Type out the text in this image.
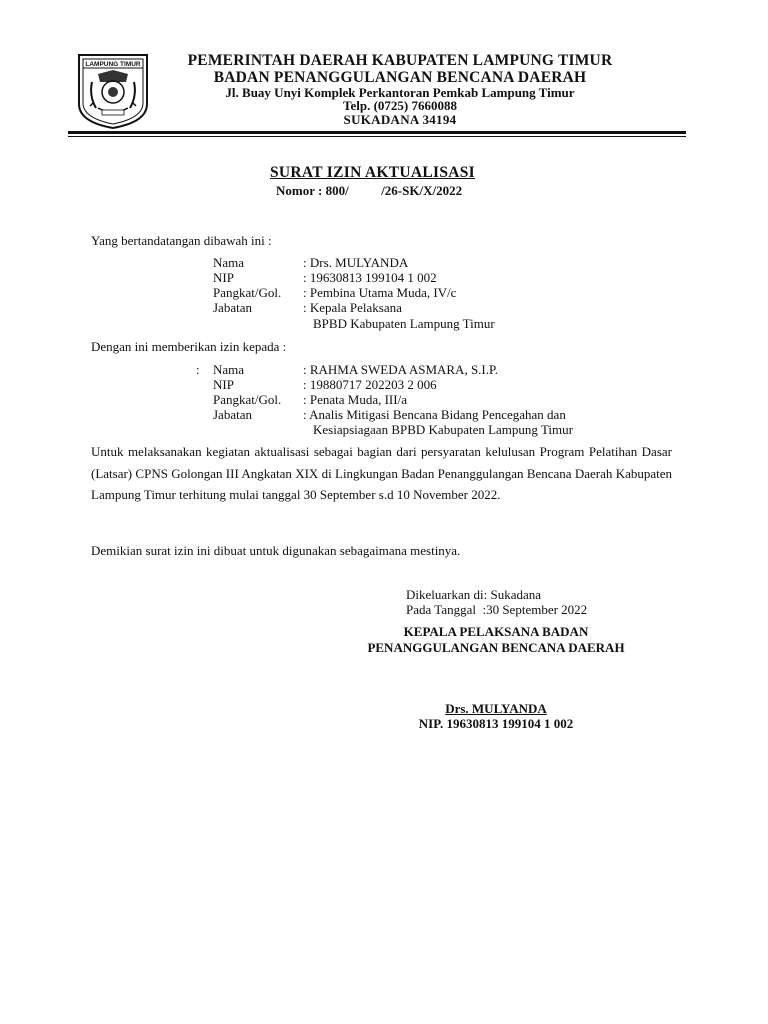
LAMPUNG TIMUR	PEMERINTAH DAERAH KABUPATEN LAMPUNG TIMUR
BADAN PENANGGULANGAN BENCANA DAERAH
Jl. Buay Unyi Komplek Perkantoran Pemkab Lampung Timur
Telp. (0725) 7660088
SUKADANA 34194
SURAT IZIN AKTUALISASI
Nomor : 800/          /26-SK/X/2022
Yang bertandatangan dibawah ini :
Nama	: Drs. MULYANDA
NIP	: 19630813 199104 1 002
Pangkat/Gol. : Pembina Utama Muda, IV/c
Jabatan	: Kepala Pelaksana
BPBD Kabupaten Lampung Timur
Dengan ini memberikan izin kepada :
: Nama	: RAHMA SWEDA ASMARA, S.I.P.
NIP	: 19880717 202203 2 006
Pangkat/Gol. : Penata Muda, III/a
Jabatan	: Analis Mitigasi Bencana Bidang Pencegahan dan
Kesiapsiagaan BPBD Kabupaten Lampung Timur
Untuk melaksanakan kegiatan aktualisasi sebagai bagian dari persyaratan kelulusan Program Pelatihan Dasar (Latsar) CPNS Golongan III Angkatan XIX di Lingkungan Badan Penanggulangan Bencana Daerah Kabupaten Lampung Timur terhitung mulai tanggal 30 September s.d 10 November 2022.
Demikian surat izin ini dibuat untuk digunakan sebagaimana mestinya.
Dikeluarkan di: Sukadana
Pada Tanggal  :30 September 2022
KEPALA PELAKSANA BADAN
PENANGGULANGAN BENCANA DAERAH
Drs. MULYANDA
NIP. 19630813 199104 1 002
